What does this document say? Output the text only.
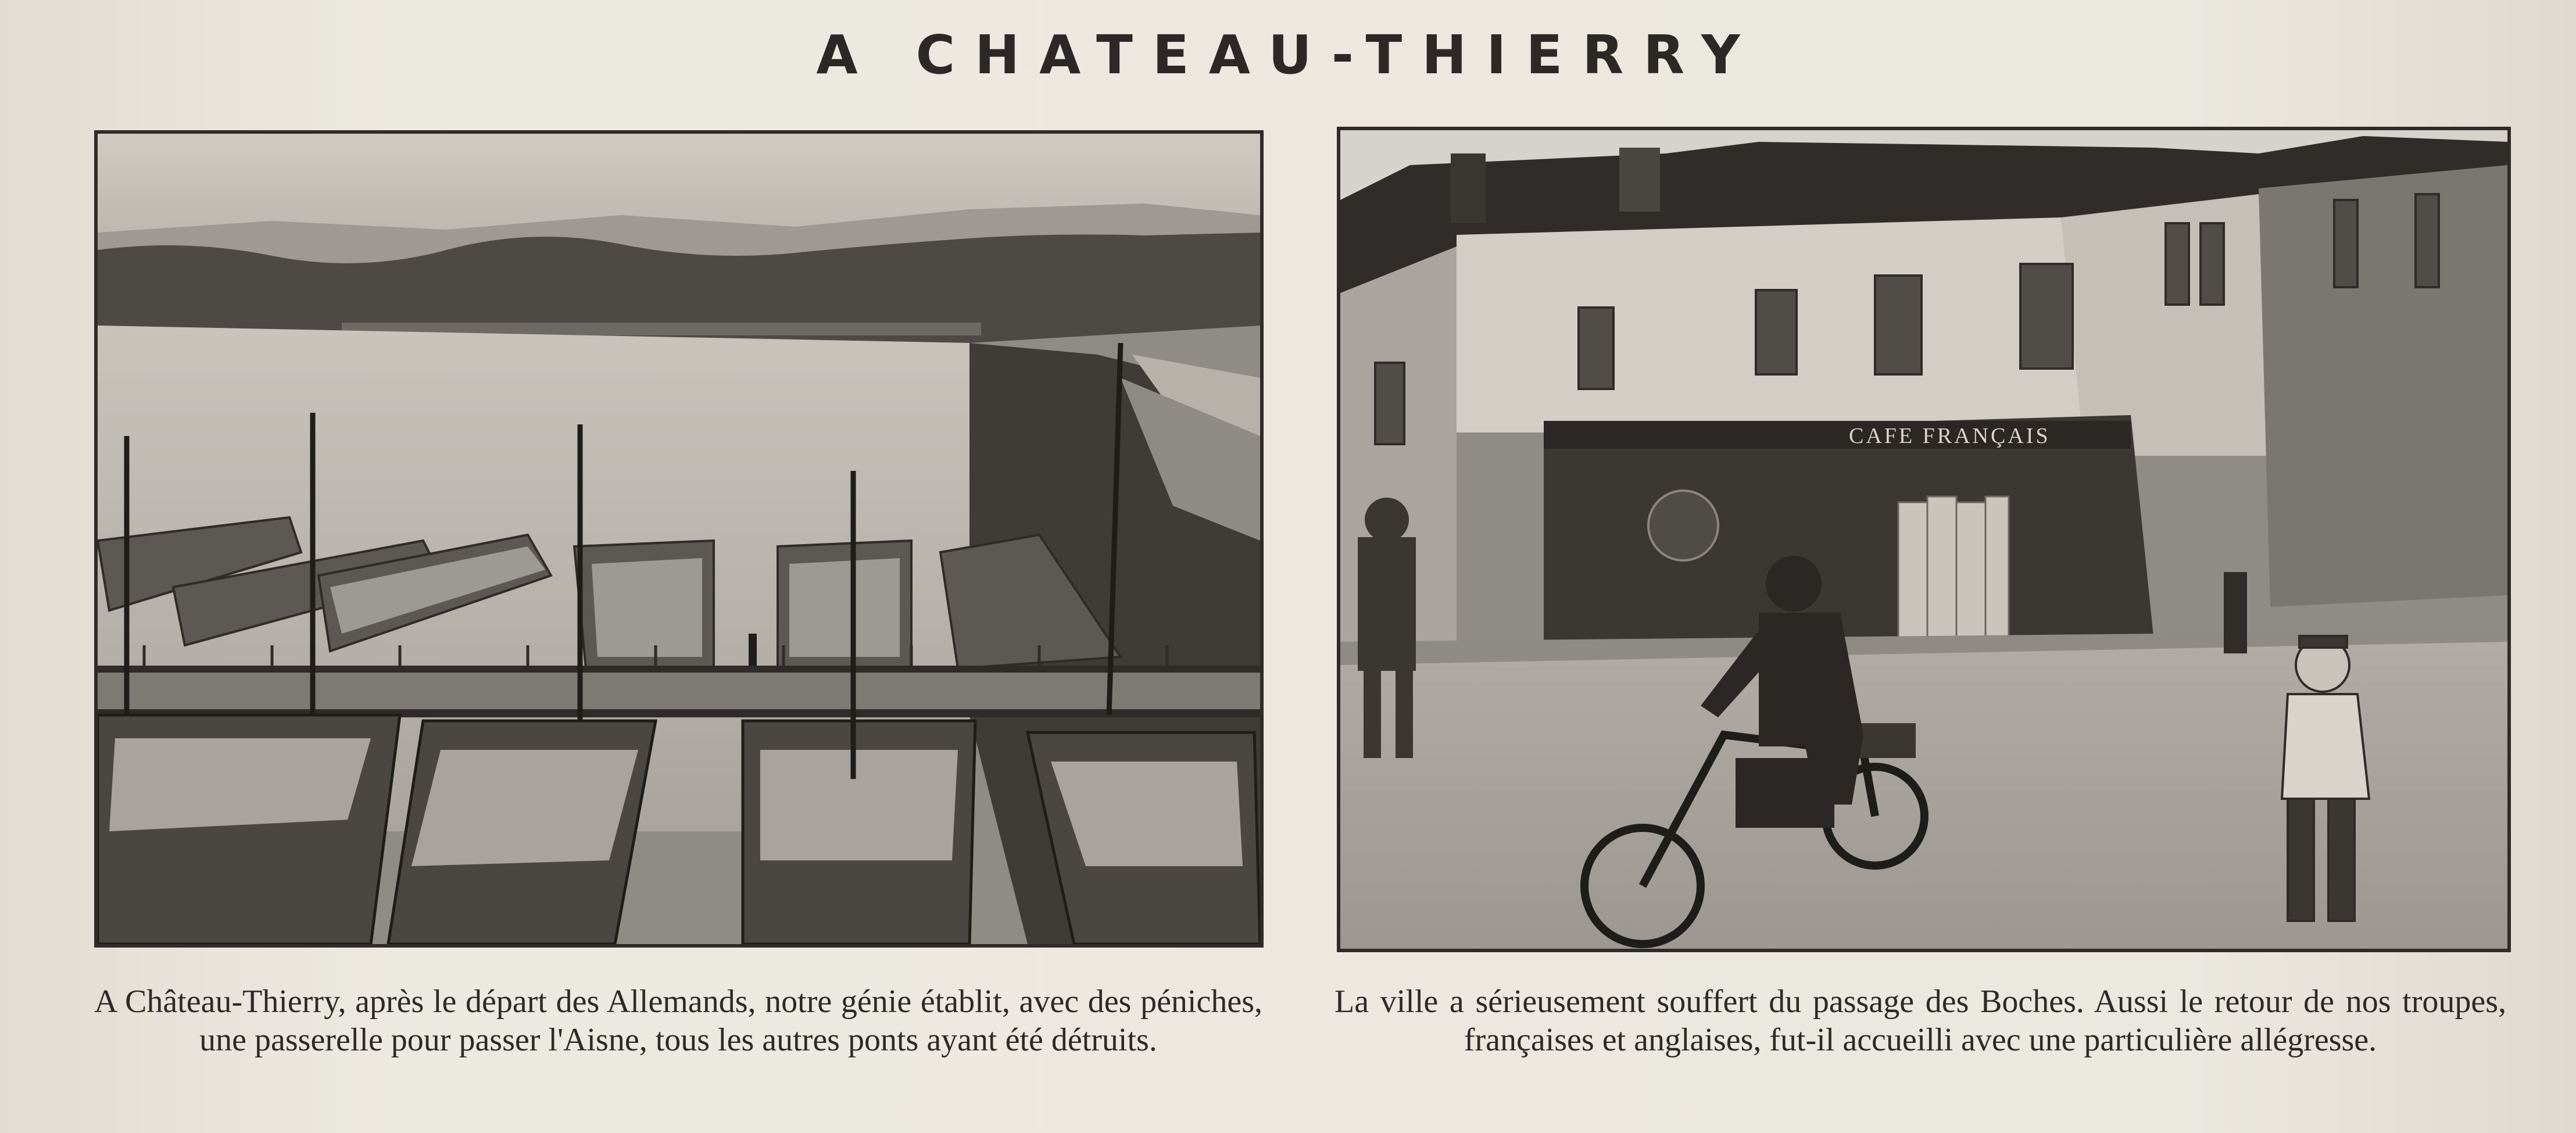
A CHATEAU-THIERRY
CAFE FRANÇAIS
A Château-Thierry, après le départ des Allemands, notre génie établit, avec des péniches, une passerelle pour passer l'Aisne, tous les autres ponts ayant été détruits.
La ville a sérieusement souffert du passage des Boches. Aussi le retour de nos troupes, françaises et anglaises, fut-il accueilli avec une particulière allégresse.
